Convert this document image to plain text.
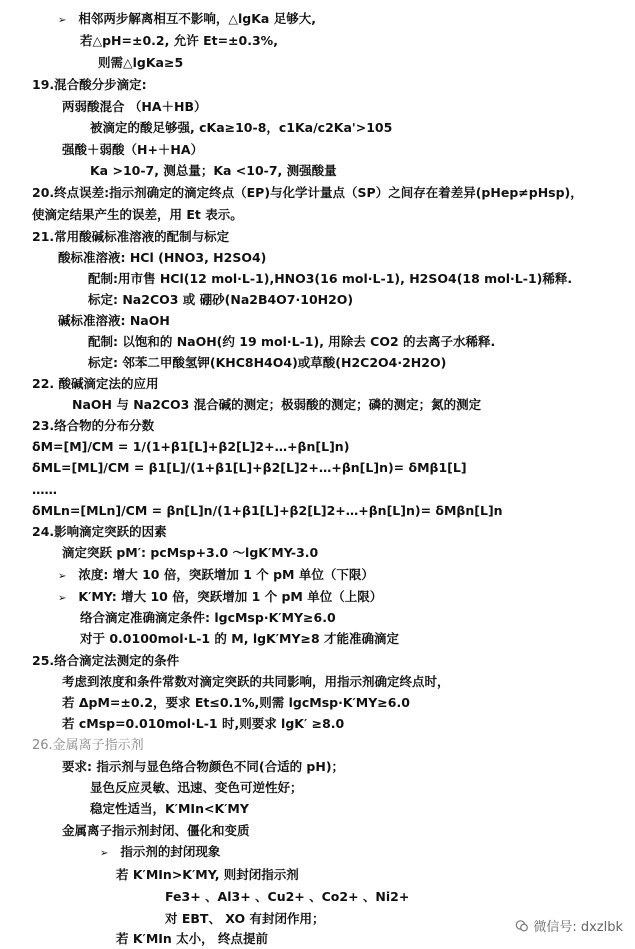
➢ 相邻两步解离相互不影响，△lgKa 足够大,
若△pH=±0.2, 允许 Et=±0.3%,
则需△lgKa≥5
19.混合酸分步滴定:
两弱酸混合 （HA＋HB）
被滴定的酸足够强, cKa≥10-8，c1Ka/c2Ka'>105
强酸＋弱酸（H+＋HA）
Ka >10-7, 测总量；Ka <10-7, 测强酸量
20.终点误差:指示剂确定的滴定终点（EP)与化学计量点（SP）之间存在着差异(pHep≠pHsp)，
使滴定结果产生的误差，用 Et 表示。
21.常用酸碱标准溶液的配制与标定
酸标准溶液: HCl (HNO3, H2SO4)
配制:用市售 HCl(12 mol·L-1),HNO3(16 mol·L-1), H2SO4(18 mol·L-1)稀释.
标定: Na2CO3 或 硼砂(Na2B4O7·10H2O)
碱标准溶液: NaOH
配制: 以饱和的 NaOH(约 19 mol·L-1), 用除去 CO2 的去离子水稀释.
标定: 邻苯二甲酸氢钾(KHC8H4O4)或草酸(H2C2O4·2H2O)
22. 酸碱滴定法的应用
NaOH 与 Na2CO3 混合碱的测定；极弱酸的测定；磷的测定；氮的测定
23.络合物的分布分数
δM=[M]/CM = 1/(1+β1[L]+β2[L]2+…+βn[L]n)
δML=[ML]/CM = β1[L]/(1+β1[L]+β2[L]2+…+βn[L]n)= δMβ1[L]
……
δMLn=[MLn]/CM = βn[L]n/(1+β1[L]+β2[L]2+…+βn[L]n)= δMβn[L]n
24.影响滴定突跃的因素
滴定突跃 pM′: pcMsp+3.0 ～lgK′MY-3.0
➢ 浓度: 增大 10 倍，突跃增加 1 个 pM 单位（下限）
➢ K′MY: 增大 10 倍，突跃增加 1 个 pM 单位（上限）
络合滴定准确滴定条件: lgcMsp·K′MY≥6.0
对于 0.0100mol·L-1 的 M, lgK′MY≥8 才能准确滴定
25.络合滴定法测定的条件
考虑到浓度和条件常数对滴定突跃的共同影响，用指示剂确定终点时，
若 ΔpM=±0.2，要求 Et≤0.1%,则需 lgcMsp·K′MY≥6.0
若 cMsp=0.010mol·L-1 时,则要求 lgK′ ≥8.0
26.金属离子指示剂
要求: 指示剂与显色络合物颜色不同(合适的 pH)；
显色反应灵敏、迅速、变色可逆性好；
稳定性适当，K′MIn<K′MY
金属离子指示剂封闭、僵化和变质
➢ 指示剂的封闭现象
若 K′MIn>K′MY, 则封闭指示剂
Fe3+ 、Al3+ 、Cu2+ 、Co2+ 、Ni2+
对 EBT、 XO 有封闭作用；
若 K′MIn 太小， 终点提前
微信号: dxzlbk
